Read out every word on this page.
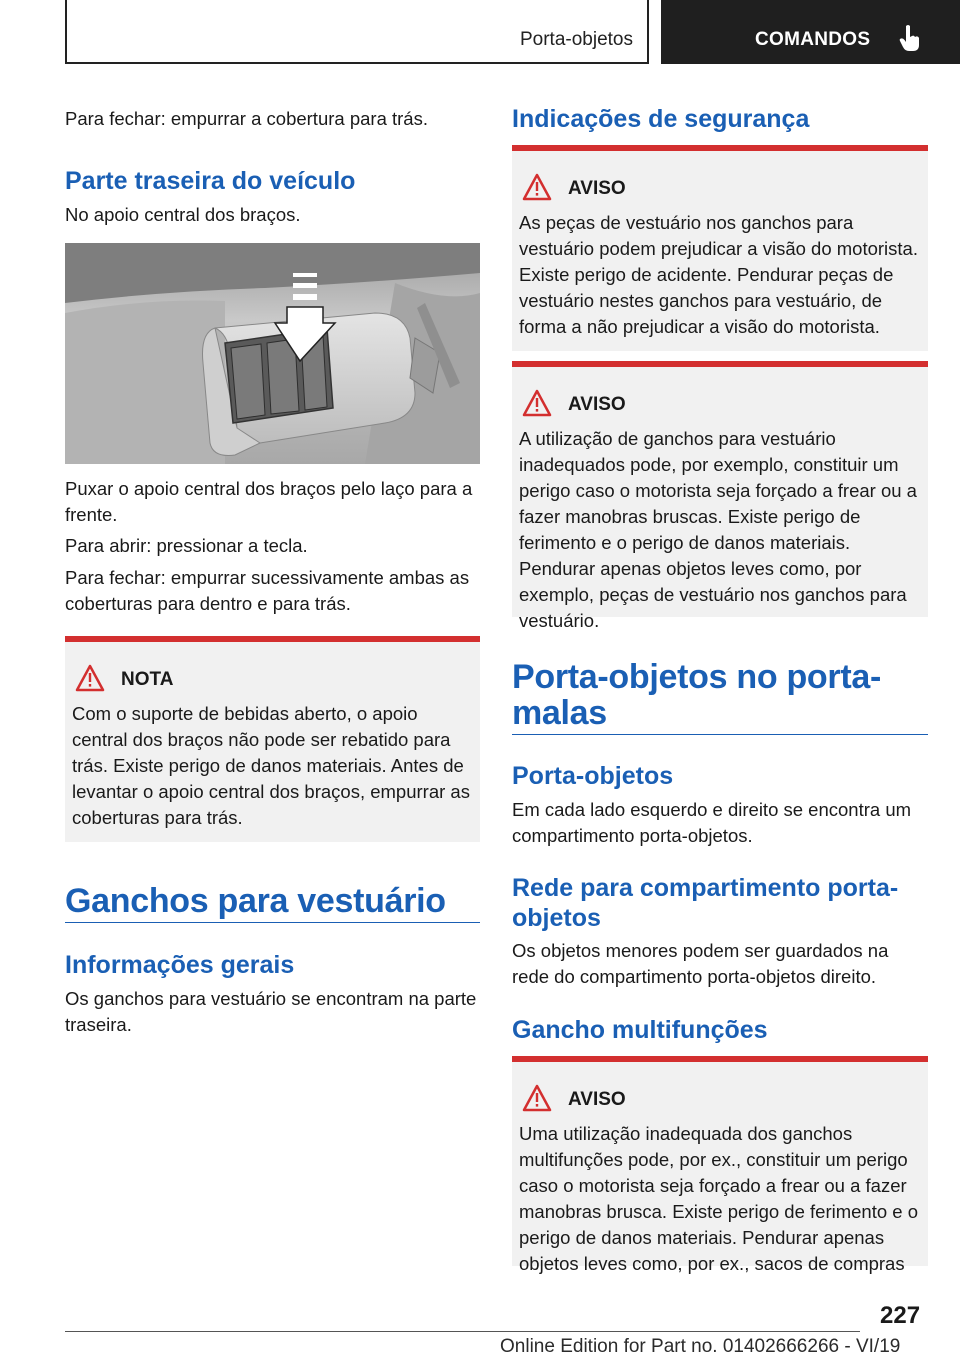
Porta-objetos	COMANDOS

Para fechar: empurrar a cobertura para trás.

Parte traseira do veículo

No apoio central dos braços.

Puxar o apoio central dos braços pelo laço para a frente.

Para abrir: pressionar a tecla.

Para fechar: empurrar sucessivamente ambas as coberturas para dentro e para trás.

NOTA

Com o suporte de bebidas aberto, o apoio central dos braços não pode ser rebatido para trás. Existe perigo de danos materiais. Antes de levantar o apoio central dos braços, empurrar as coberturas para trás.

Ganchos para vestuário
Informações gerais

Os ganchos para vestuário se encontram na parte traseira.

Indicações de segurança
AVISO

As peças de vestuário nos ganchos para vestuário podem prejudicar a visão do motorista. Existe perigo de acidente. Pendurar peças de vestuário nestes ganchos para vestuário, de forma a não prejudicar a visão do motorista.

AVISO

A utilização de ganchos para vestuário inadequados pode, por exemplo, constituir um perigo caso o motorista seja forçado a frear ou a fazer manobras bruscas. Existe perigo de ferimento e o perigo de danos materiais. Pendurar apenas objetos leves como, por exemplo, peças de vestuário nos ganchos para vestuário.

Porta-objetos no porta-malas
Porta-objetos

Em cada lado esquerdo e direito se encontra um compartimento porta-objetos.

Rede para compartimento porta-objetos

Os objetos menores podem ser guardados na rede do compartimento porta-objetos direito.

Gancho multifunções
AVISO

Uma utilização inadequada dos ganchos multifunções pode, por ex., constituir um perigo caso o motorista seja forçado a frear ou a fazer manobras brusca. Existe perigo de ferimento e o perigo de danos materiais. Pendurar apenas objetos leves como, por ex., sacos de compras

227
Online Edition for Part no. 01402666266 - VI/19
